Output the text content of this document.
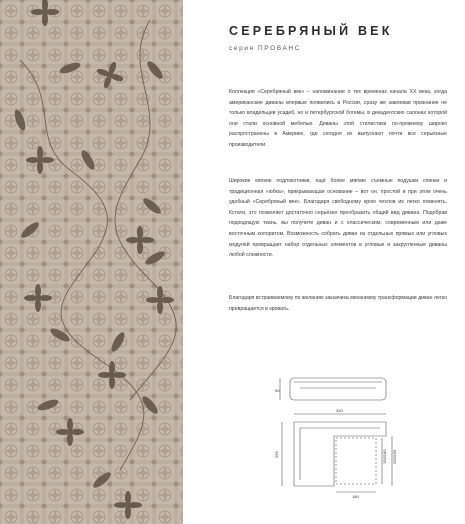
СЕРЕБРЯНЫЙ ВЕК
серия ПРОВАНС

Коллекция «Серебряный век» – напоминание о тех временах начала XX века, когда американские диваны впервые появились в России, сразу же завоевав признание не только владельцев усадеб, но и петербургской богемы, в декадентских салонах которой они стали основной мебелью. Диваны этой стилистики по-прежнему широко распространены в Америке, где сегодня их выпускают почти все серьёзные производители.

Широкие мягкие подлокотники, ещё более мягкие съемные подушки спинки и традиционная «юбка», прикрывающая основание – вот он, простой и при этом очень удобный «Серебряный век». Благодаря свободному крою чехлов их легко поменять. Кстати, это позволяет достаточно серьёзно преобразить общий вид дивана. Подобрав подходящую ткань, вы получите диван и с классическим, современным или даже восточным колоритом. Возможность собрать диван из отдельных прямых или угловых модулей превращает набор отдельных элементов в угловые и закругленные диваны любой сложности.

Благодаря встраиваемому по желанию заказчика механизму трансформации диван легко превращается в кровать.

90
320
255
160
195/180 200/195
